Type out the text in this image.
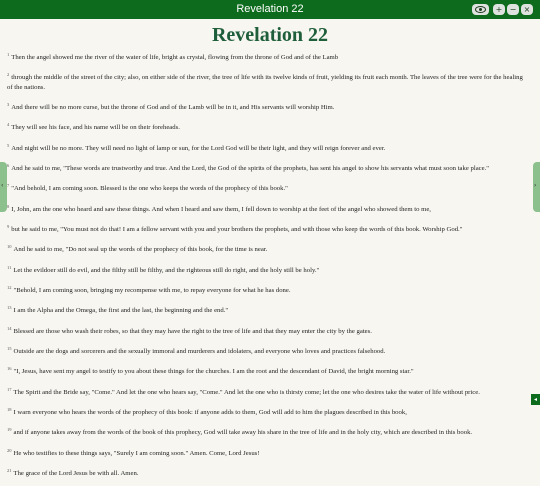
Revelation 22	+ − ×
Revelation 22
$^1$ Then the angel showed me the river of the water of life, bright as crystal, flowing from the throne of God and of the Lamb
$^2$ through the middle of the street of the city; also, on either side of the river, the tree of life with its twelve kinds of fruit, yielding its fruit each month. The leaves of the tree were for the healing of the nations.
$^3$ And there will be no more curse, but the throne of God and of the Lamb will be in it, and His servants will worship Him.
$^4$ They will see his face, and his name will be on their foreheads.
$^5$ And night will be no more. They will need no light of lamp or sun, for the Lord God will be their light, and they will reign forever and ever.
$^6$ And he said to me, "These words are trustworthy and true. And the Lord, the God of the spirits of the prophets, has sent his angel to show his servants what must soon take place."
$^7$ "And behold, I am coming soon. Blessed is the one who keeps the words of the prophecy of this book."
$^8$ I, John, am the one who heard and saw these things. And when I heard and saw them, I fell down to worship at the feet of the angel who showed them to me,
$^9$ but he said to me, "You must not do that! I am a fellow servant with you and your brothers the prophets, and with those who keep the words of this book. Worship God."
$^{10}$ And he said to me, "Do not seal up the words of the prophecy of this book, for the time is near.
$^{11}$ Let the evildoer still do evil, and the filthy still be filthy, and the righteous still do right, and the holy still be holy."
$^{12}$ "Behold, I am coming soon, bringing my recompense with me, to repay everyone for what he has done.
$^{13}$ I am the Alpha and the Omega, the first and the last, the beginning and the end."
$^{14}$ Blessed are those who wash their robes, so that they may have the right to the tree of life and that they may enter the city by the gates.
$^{15}$ Outside are the dogs and sorcerers and the sexually immoral and murderers and idolaters, and everyone who loves and practices falsehood.
$^{16}$ "I, Jesus, have sent my angel to testify to you about these things for the churches. I am the root and the descendant of David, the bright morning star."
$^{17}$ The Spirit and the Bride say, "Come." And let the one who hears say, "Come." And let the one who is thirsty come; let the one who desires take the water of life without price.
$^{18}$ I warn everyone who hears the words of the prophecy of this book: if anyone adds to them, God will add to him the plagues described in this book,
$^{19}$ and if anyone takes away from the words of the book of this prophecy, God will take away his share in the tree of life and in the holy city, which are described in this book.
$^{20}$ He who testifies to these things says, "Surely I am coming soon." Amen. Come, Lord Jesus!
$^{21}$ The grace of the Lord Jesus be with all. Amen.
‹	›
◂
